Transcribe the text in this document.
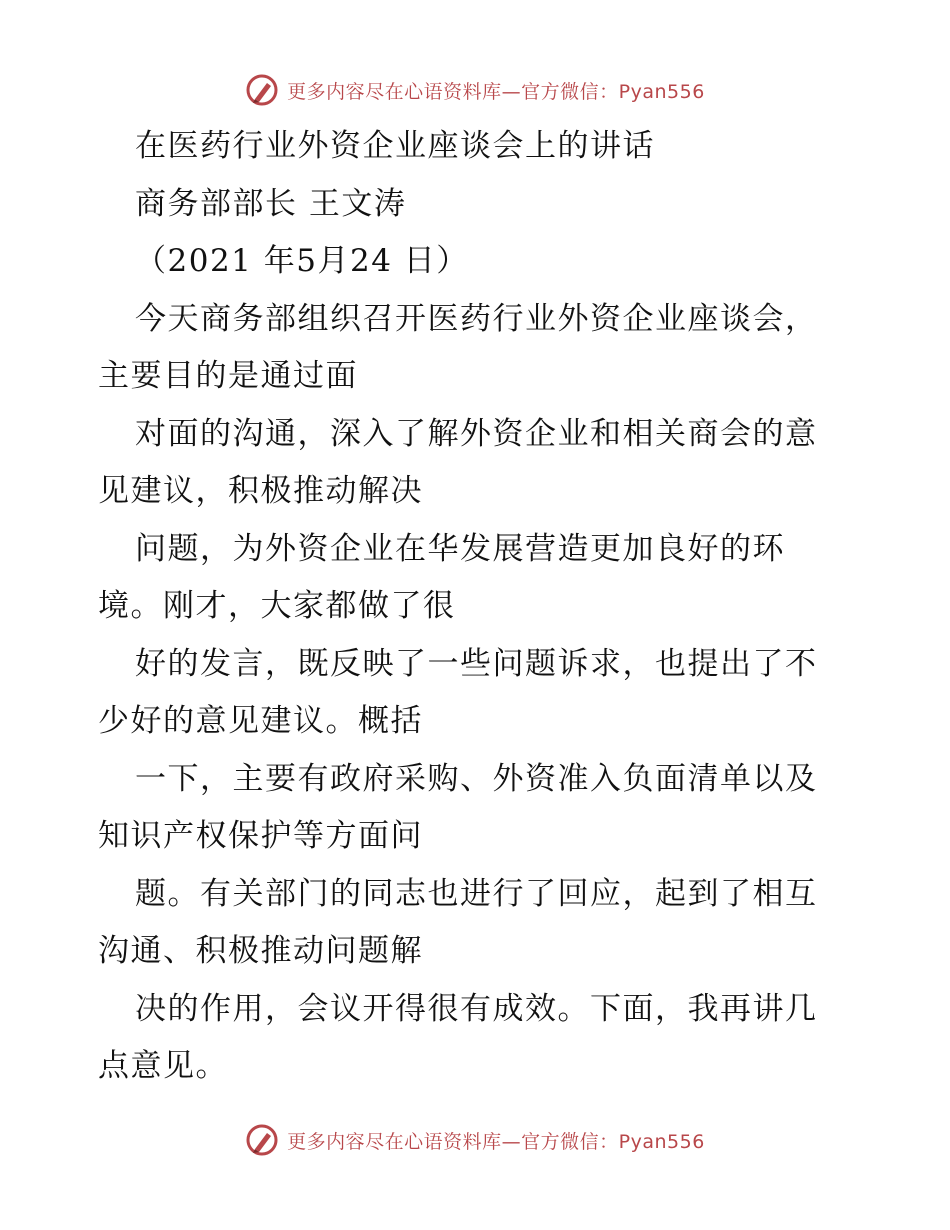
更多内容尽在心语资料库—官方微信：Pyan556
在医药行业外资企业座谈会上的讲话
商务部部长 王文涛
（2021 年5月24 日）
今天商务部组织召开医药行业外资企业座谈会，
主要目的是通过面
对面的沟通，深入了解外资企业和相关商会的意
见建议，积极推动解决
问题，为外资企业在华发展营造更加良好的环
境。刚才，大家都做了很
好的发言，既反映了一些问题诉求，也提出了不
少好的意见建议。概括
一下，主要有政府采购、外资准入负面清单以及
知识产权保护等方面问
题。有关部门的同志也进行了回应，起到了相互
沟通、积极推动问题解
决的作用，会议开得很有成效。下面，我再讲几
点意见。
更多内容尽在心语资料库—官方微信：Pyan556
